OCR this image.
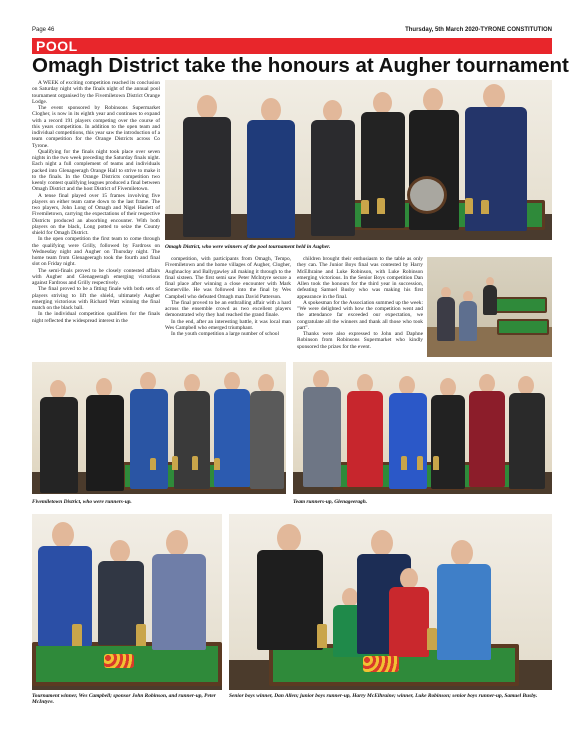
Page 46	Thursday, 5th March 2020-TYRONE CONSTITUTION
POOL
Omagh District take the honours at Augher tournament

A WEEK of exciting competition reached its conclusion on Saturday night with the finals night of the annual pool tournament organised by the Fivemiletown District Orange Lodge.

The event sponsored by Robinsons Supermarket Clogher, is now in its eighth year and continues to expand with a record 191 players competing over the course of this years competition. In addition to the open team and individual competitions, this year saw the introduction of a team competition for the Orange Districts across Co Tyrone.

Qualifying for the finals night took place over seven nights in the two week preceding the Saturday finals night. Each night a full complement of teams and individuals packed into Glenageeragh Orange Hall to strive to make it to the finals. In the Orange Districts competition two keenly contest qualifying leagues produced a final between Omagh District and the host District of Fivemiletown.

A tense final played over 15 frames involving five players on either team came down to the last frame. The two players, John Long of Omagh and Nigel Haslett of Fivemiletown, carrying the expectations of their respective Districts produced an absorbing encounter. With both players on the black, Long potted to seize the County shield for Omagh District.

In the open competition the first team to come through the qualifying were Grilly, followed by Fardross on Wednesday night and Augher on Thursday night. The home team from Glenageeragh took the fourth and final slot on Friday night.

The semi-finals proved to be closely contested affairs with Augher and Glenageeragh emerging victorious against Fardross and Grilly respectively.

The final proved to be a fitting finale with both sets of players striving to lift the shield, ultimately Augher emerging victorious with Richard Watt winning the final match on the black ball.

In the individual competition qualifiers for the finals night reflected the widespread interest in the

Omagh District, who were winners of the pool tournament held in Augher.

competition, with participants from Omagh, Tempo, Fivemiletown and the home villages of Augher, Clogher, Aughnacloy and Ballygawley all making it through to the final sixteen. The first semi saw Peter McIntyre secure a final place after winning a close encounter with Mark Somerville. He was followed into the final by Wes Campbell who defeated Omagh man David Patterson.

The final proved to be an enthralling affair with a hard across the ensemble crowd as two excellent players demonstrated why they had reached the grand finale.

In the end, after an interesting battle, it was local man Wes Campbell who emerged triumphant.

In the youth competition a large number of school

children brought their enthusiasm to the table as only they can. The Junior Boys final was contested by Harry McElhraine and Luke Robinson, with Luke Robinson emerging victorious. In the Senior Boys competition Dan Allen took the honours for the third year in succession, defeating Samuel Busby who was making his first appearance in the final.

A spokesman for the Association summed up the week: "We were delighted with how the competition went and the attendance far exceeded our expectation, we congratulate all the winners and thank all those who took part".

Thanks were also expressed to John and Daphne Robinson from Robinsons Supermarket who kindly sponsored the prizes for the event.

Fivemiletown District, who were runners-up.	Team runners-up, Glenageeragh.
Tournament winner, Wes Campbell; sponsor John Robinson, and runner-up, Peter McIntyre.
Senior boys winner, Dan Allen; junior boys runner-up, Harry McElhraine; winner, Luke Robinson; senior boys runner-up, Samuel Busby.
